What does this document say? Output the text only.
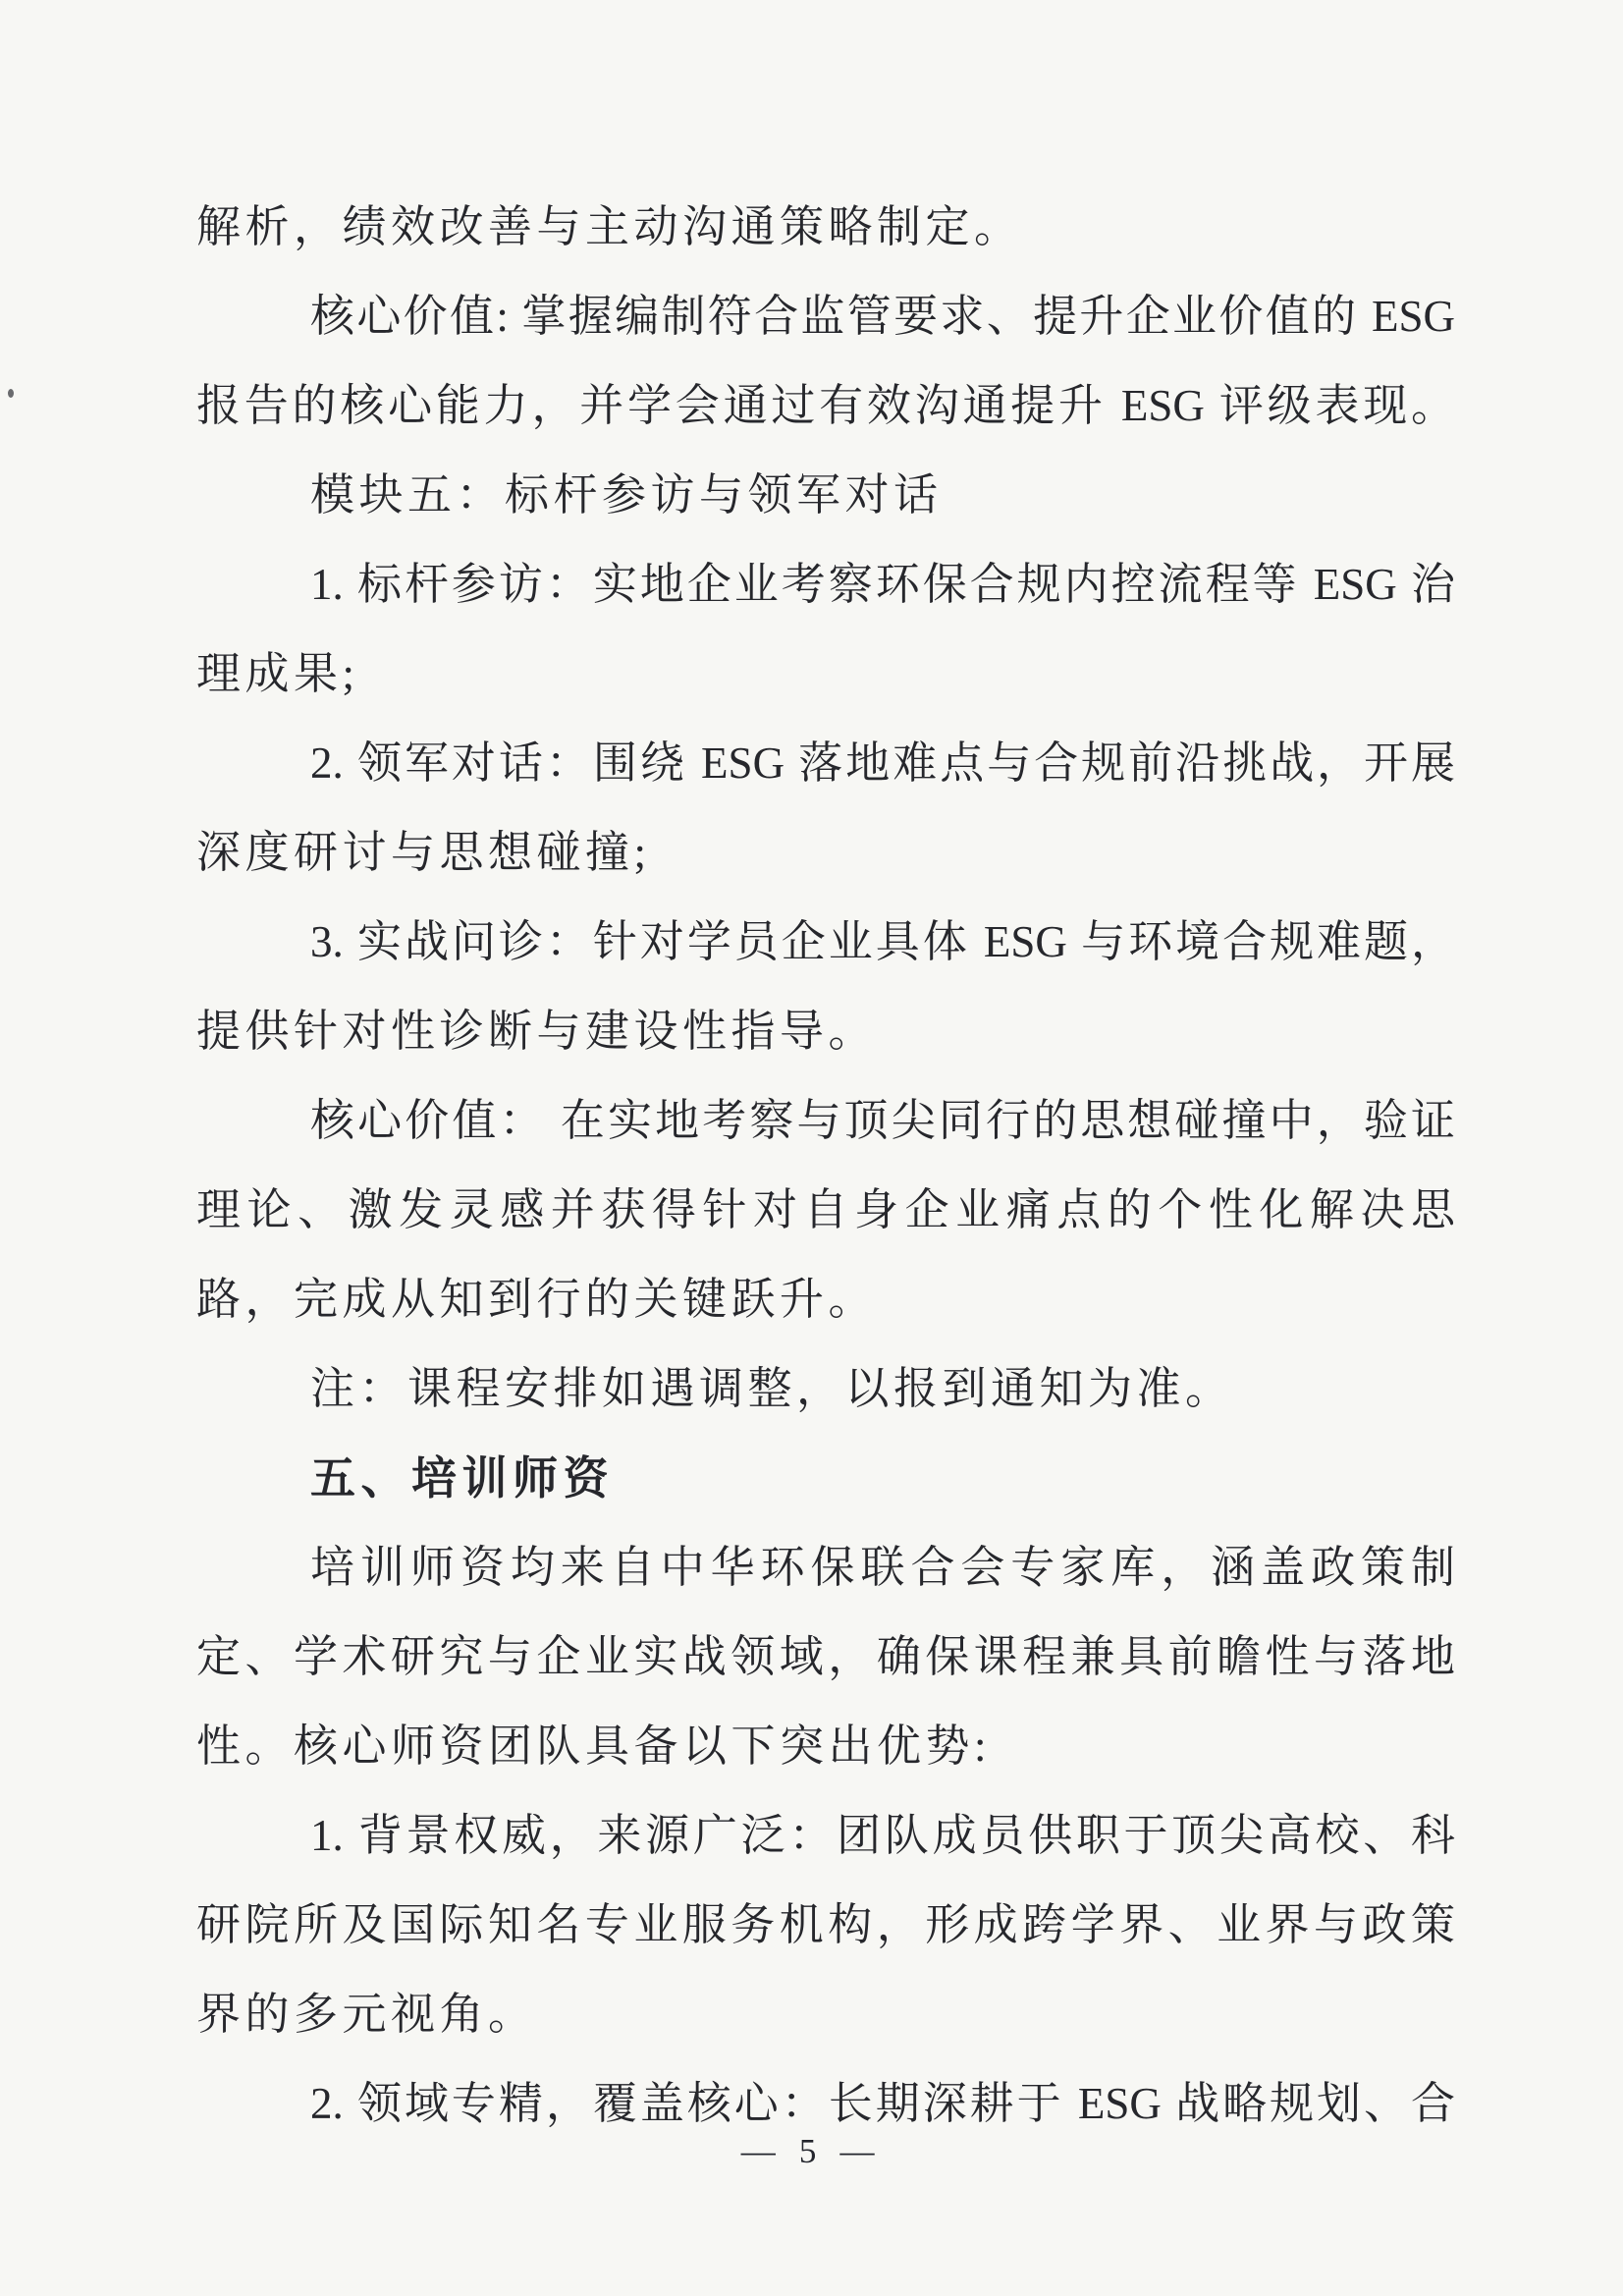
解析，绩效改善与主动沟通策略制定。
核心价值: 掌握编制符合监管要求、提升企业价值的 ESG
报告的核心能力，并学会通过有效沟通提升 ESG 评级表现。
模块五：标杆参访与领军对话
1. 标杆参访：实地企业考察环保合规内控流程等 ESG 治
理成果;
2. 领军对话：围绕 ESG 落地难点与合规前沿挑战，开展
深度研讨与思想碰撞;
3. 实战问诊：针对学员企业具体 ESG 与环境合规难题，
提供针对性诊断与建设性指导。
核心价值： 在实地考察与顶尖同行的思想碰撞中，验证
理论、激发灵感并获得针对自身企业痛点的个性化解决思
路，完成从知到行的关键跃升。
注：课程安排如遇调整，以报到通知为准。
五、培训师资
培训师资均来自中华环保联合会专家库，涵盖政策制
定、学术研究与企业实战领域，确保课程兼具前瞻性与落地
性。核心师资团队具备以下突出优势:
1. 背景权威，来源广泛：团队成员供职于顶尖高校、科
研院所及国际知名专业服务机构，形成跨学界、业界与政策
界的多元视角。
2. 领域专精，覆盖核心：长期深耕于 ESG 战略规划、合
— 5 —
